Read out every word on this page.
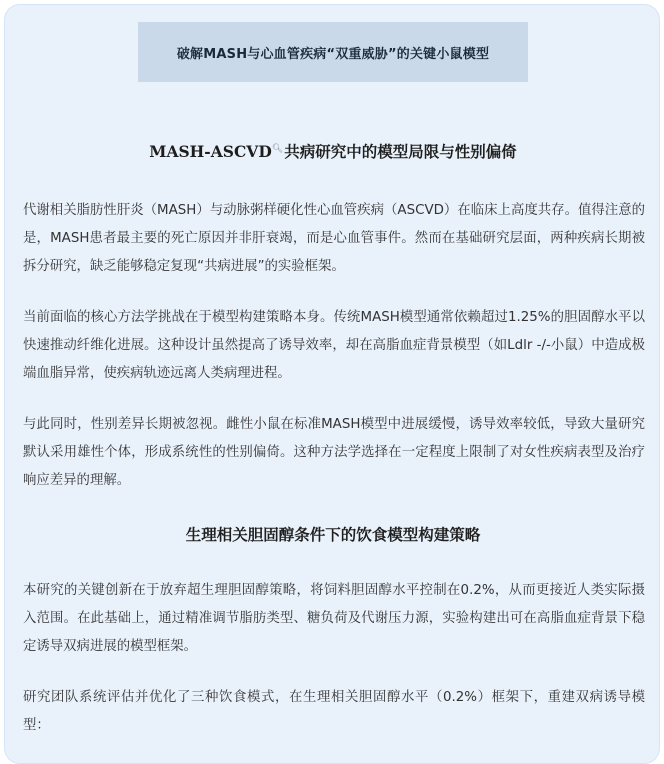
破解MASH与心血管疾病“双重威胁”的关键小鼠模型
MASH-ASCVD🔍︎共病研究中的模型局限与性别偏倚

代谢相关脂肪性肝炎（MASH）与动脉粥样硬化性心血管疾病（ASCVD）在临床上高度共存。值得注意的是，MASH患者最主要的死亡原因并非肝衰竭，而是心血管事件。然而在基础研究层面，两种疾病长期被拆分研究，缺乏能够稳定复现“共病进展”的实验框架。

当前面临的核心方法学挑战在于模型构建策略本身。传统MASH模型通常依赖超过1.25%的胆固醇水平以快速推动纤维化进展。这种设计虽然提高了诱导效率，却在高脂血症背景模型（如Ldlr -/-小鼠）中造成极端血脂异常，使疾病轨迹远离人类病理进程。

与此同时，性别差异长期被忽视。雌性小鼠在标准MASH模型中进展缓慢，诱导效率较低，导致大量研究默认采用雄性个体，形成系统性的性别偏倚。这种方法学选择在一定程度上限制了对女性疾病表型及治疗响应差异的理解。

生理相关胆固醇条件下的饮食模型构建策略

本研究的关键创新在于放弃超生理胆固醇策略，将饲料胆固醇水平控制在0.2%，从而更接近人类实际摄入范围。在此基础上，通过精准调节脂肪类型、糖负荷及代谢压力源，实验构建出可在高脂血症背景下稳定诱导双病进展的模型框架。

研究团队系统评估并优化了三种饮食模式，在生理相关胆固醇水平（0.2%）框架下，重建双病诱导模型：
